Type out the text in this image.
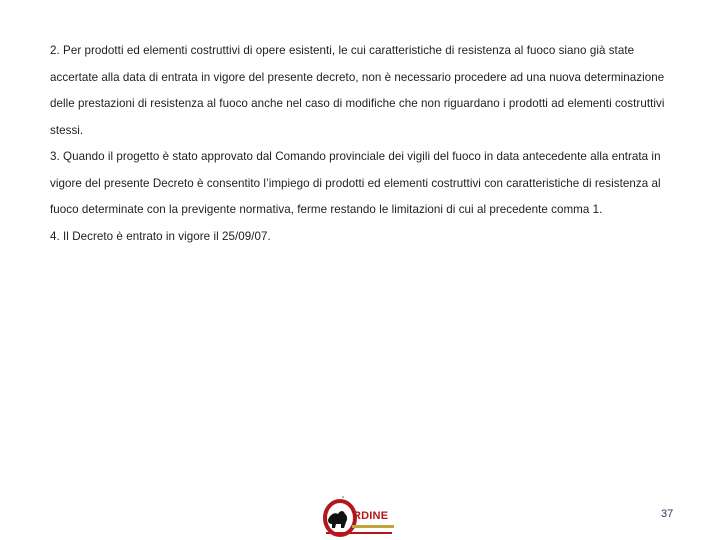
2. Per prodotti ed elementi costruttivi di opere esistenti, le cui caratteristiche di resistenza al fuoco siano già state accertate alla data di entrata in vigore del presente decreto, non è necessario procedere ad una nuova determinazione delle prestazioni di resistenza al fuoco anche nel caso di modifiche che non riguardano i prodotti ad elementi costruttivi stessi.

3. Quando il progetto è stato approvato dal Comando provinciale dei vigili del fuoco in data antecedente alla entrata in vigore del presente Decreto è consentito l’impiego di prodotti ed elementi costruttivi con caratteristiche di resistenza al fuoco determinate con la previgente normativa, ferme restando le limitazioni di cui al precedente comma 1.

4. Il Decreto è entrato in vigore il 25/09/07.

RDINE	37
